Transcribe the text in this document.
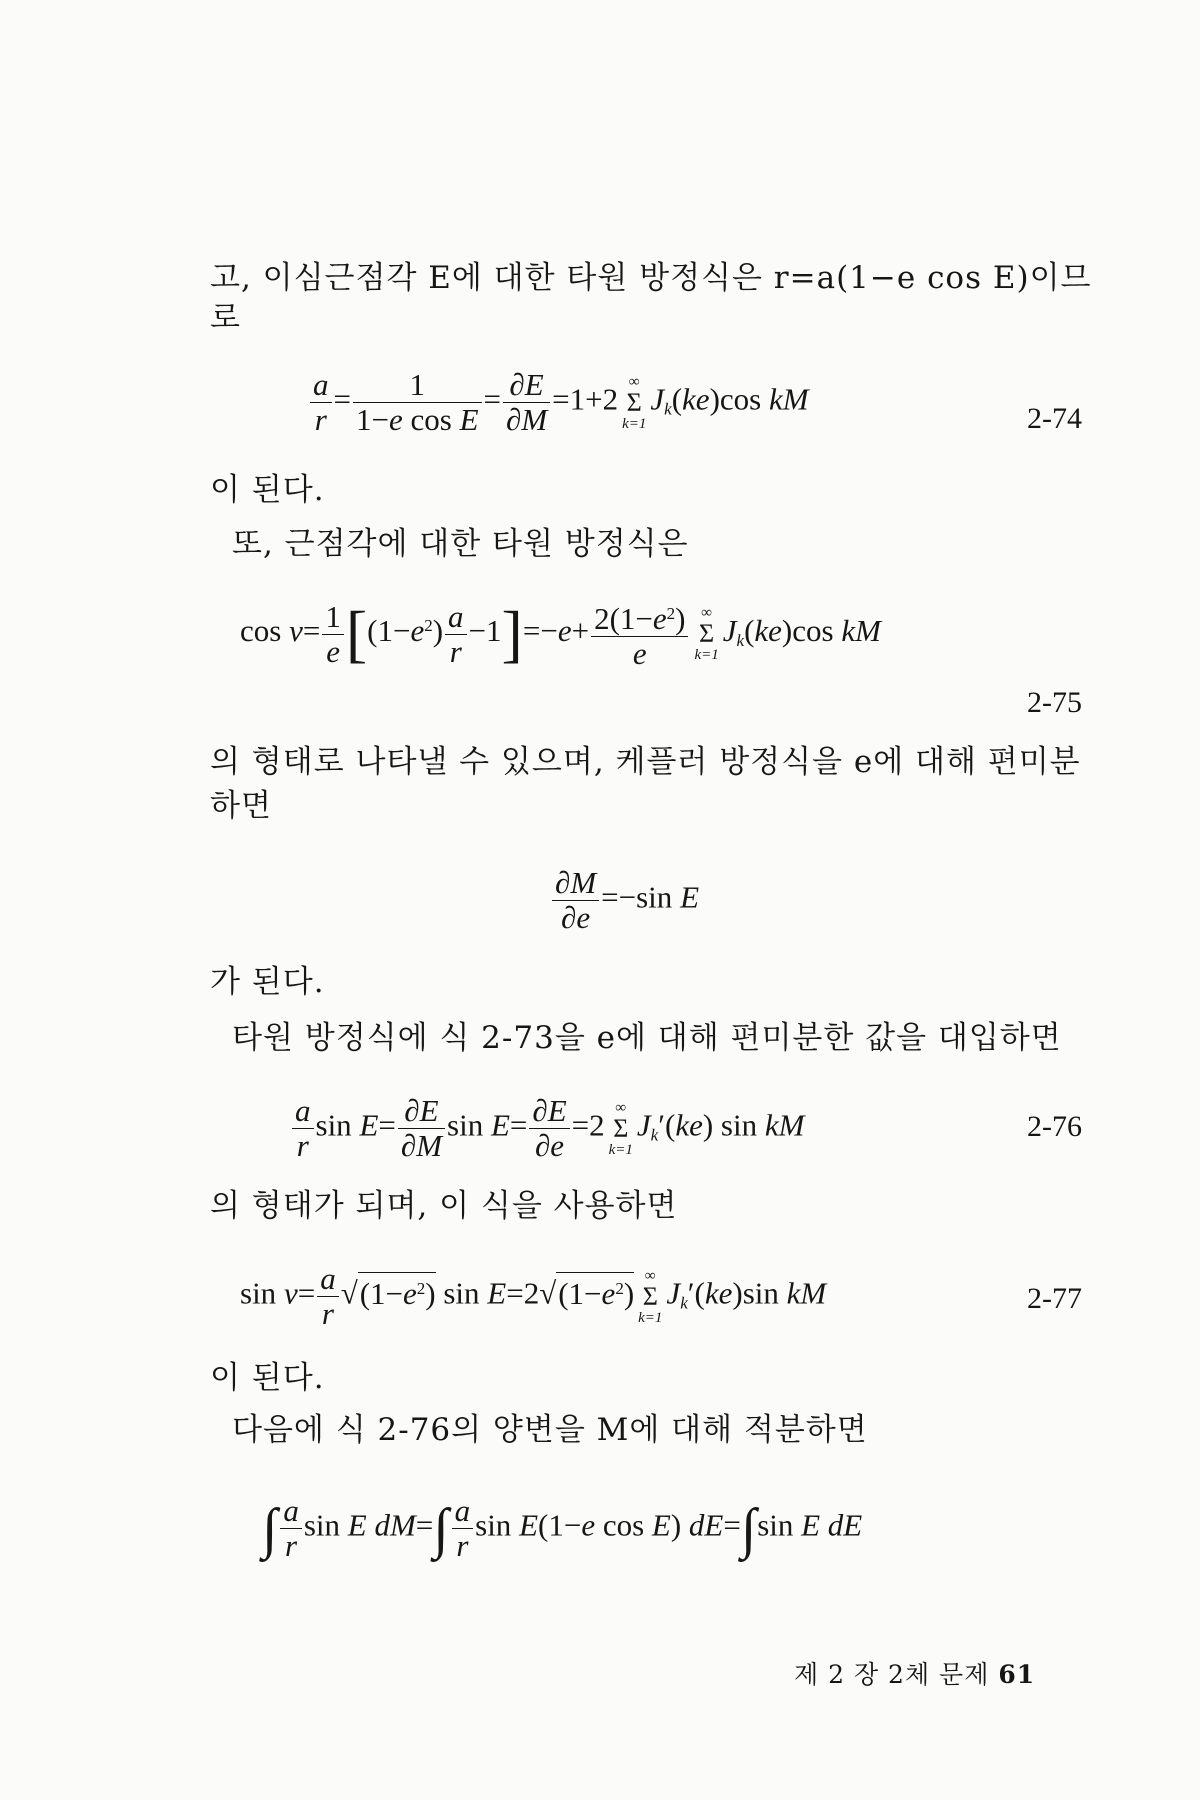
고, 이심근점각 E에 대한 타원 방정식은 r=a(1−e cos E)이므
로
$\frac{a}{r} = \frac{1}{\text{1−e cos E}} = \frac{\partial E}{\partial M} =1+2$
∞
Σ
k=1
Jk(ke)cos kM
2-74
이 된다.
또, 근점각에 대한 타원 방정식은
$\cos \nu= \frac{1}{e} [(1-e^2) \frac{a}{r} -1]=-e+ \frac{2(1-e^2)}{e}$ ∞
Σ
k=1
Jk(ke)cos kM
2-75
의 형태로 나타낼 수 있으며, 케플러 방정식을 e에 대해 편미분
하면
$\frac{\partial M}{\partial e} =-\sin$ E
가 된다.
타원 방정식에 식 2-73을 e에 대해 편미분한 값을 대입하면
$\frac{a}{r}$ $\sin E= \frac{\partial E}{\partial M}$ $\sin E= \frac{\partial E}{\partial e} =2$
∞
Σ
k=1
Jk′(ke) sin kM	2-76
의 형태가 되며, 이 식을 사용하면
$\sin \nu= \frac{a}{r} √(1-e^2)$ $\sin E=2√(1-e^2)$
∞
Σ
k=1
Jk′(ke)sin kM	2-77
이 된다.
다음에 식 2-76의 양변을 M에 대해 적분하면
∫ $\frac{a}{r}$ sin E $dM=\int \frac{a}{r}$ sin E(1−e cos E) dE=∫sin E dE
제 2 장 2체 문제 61
